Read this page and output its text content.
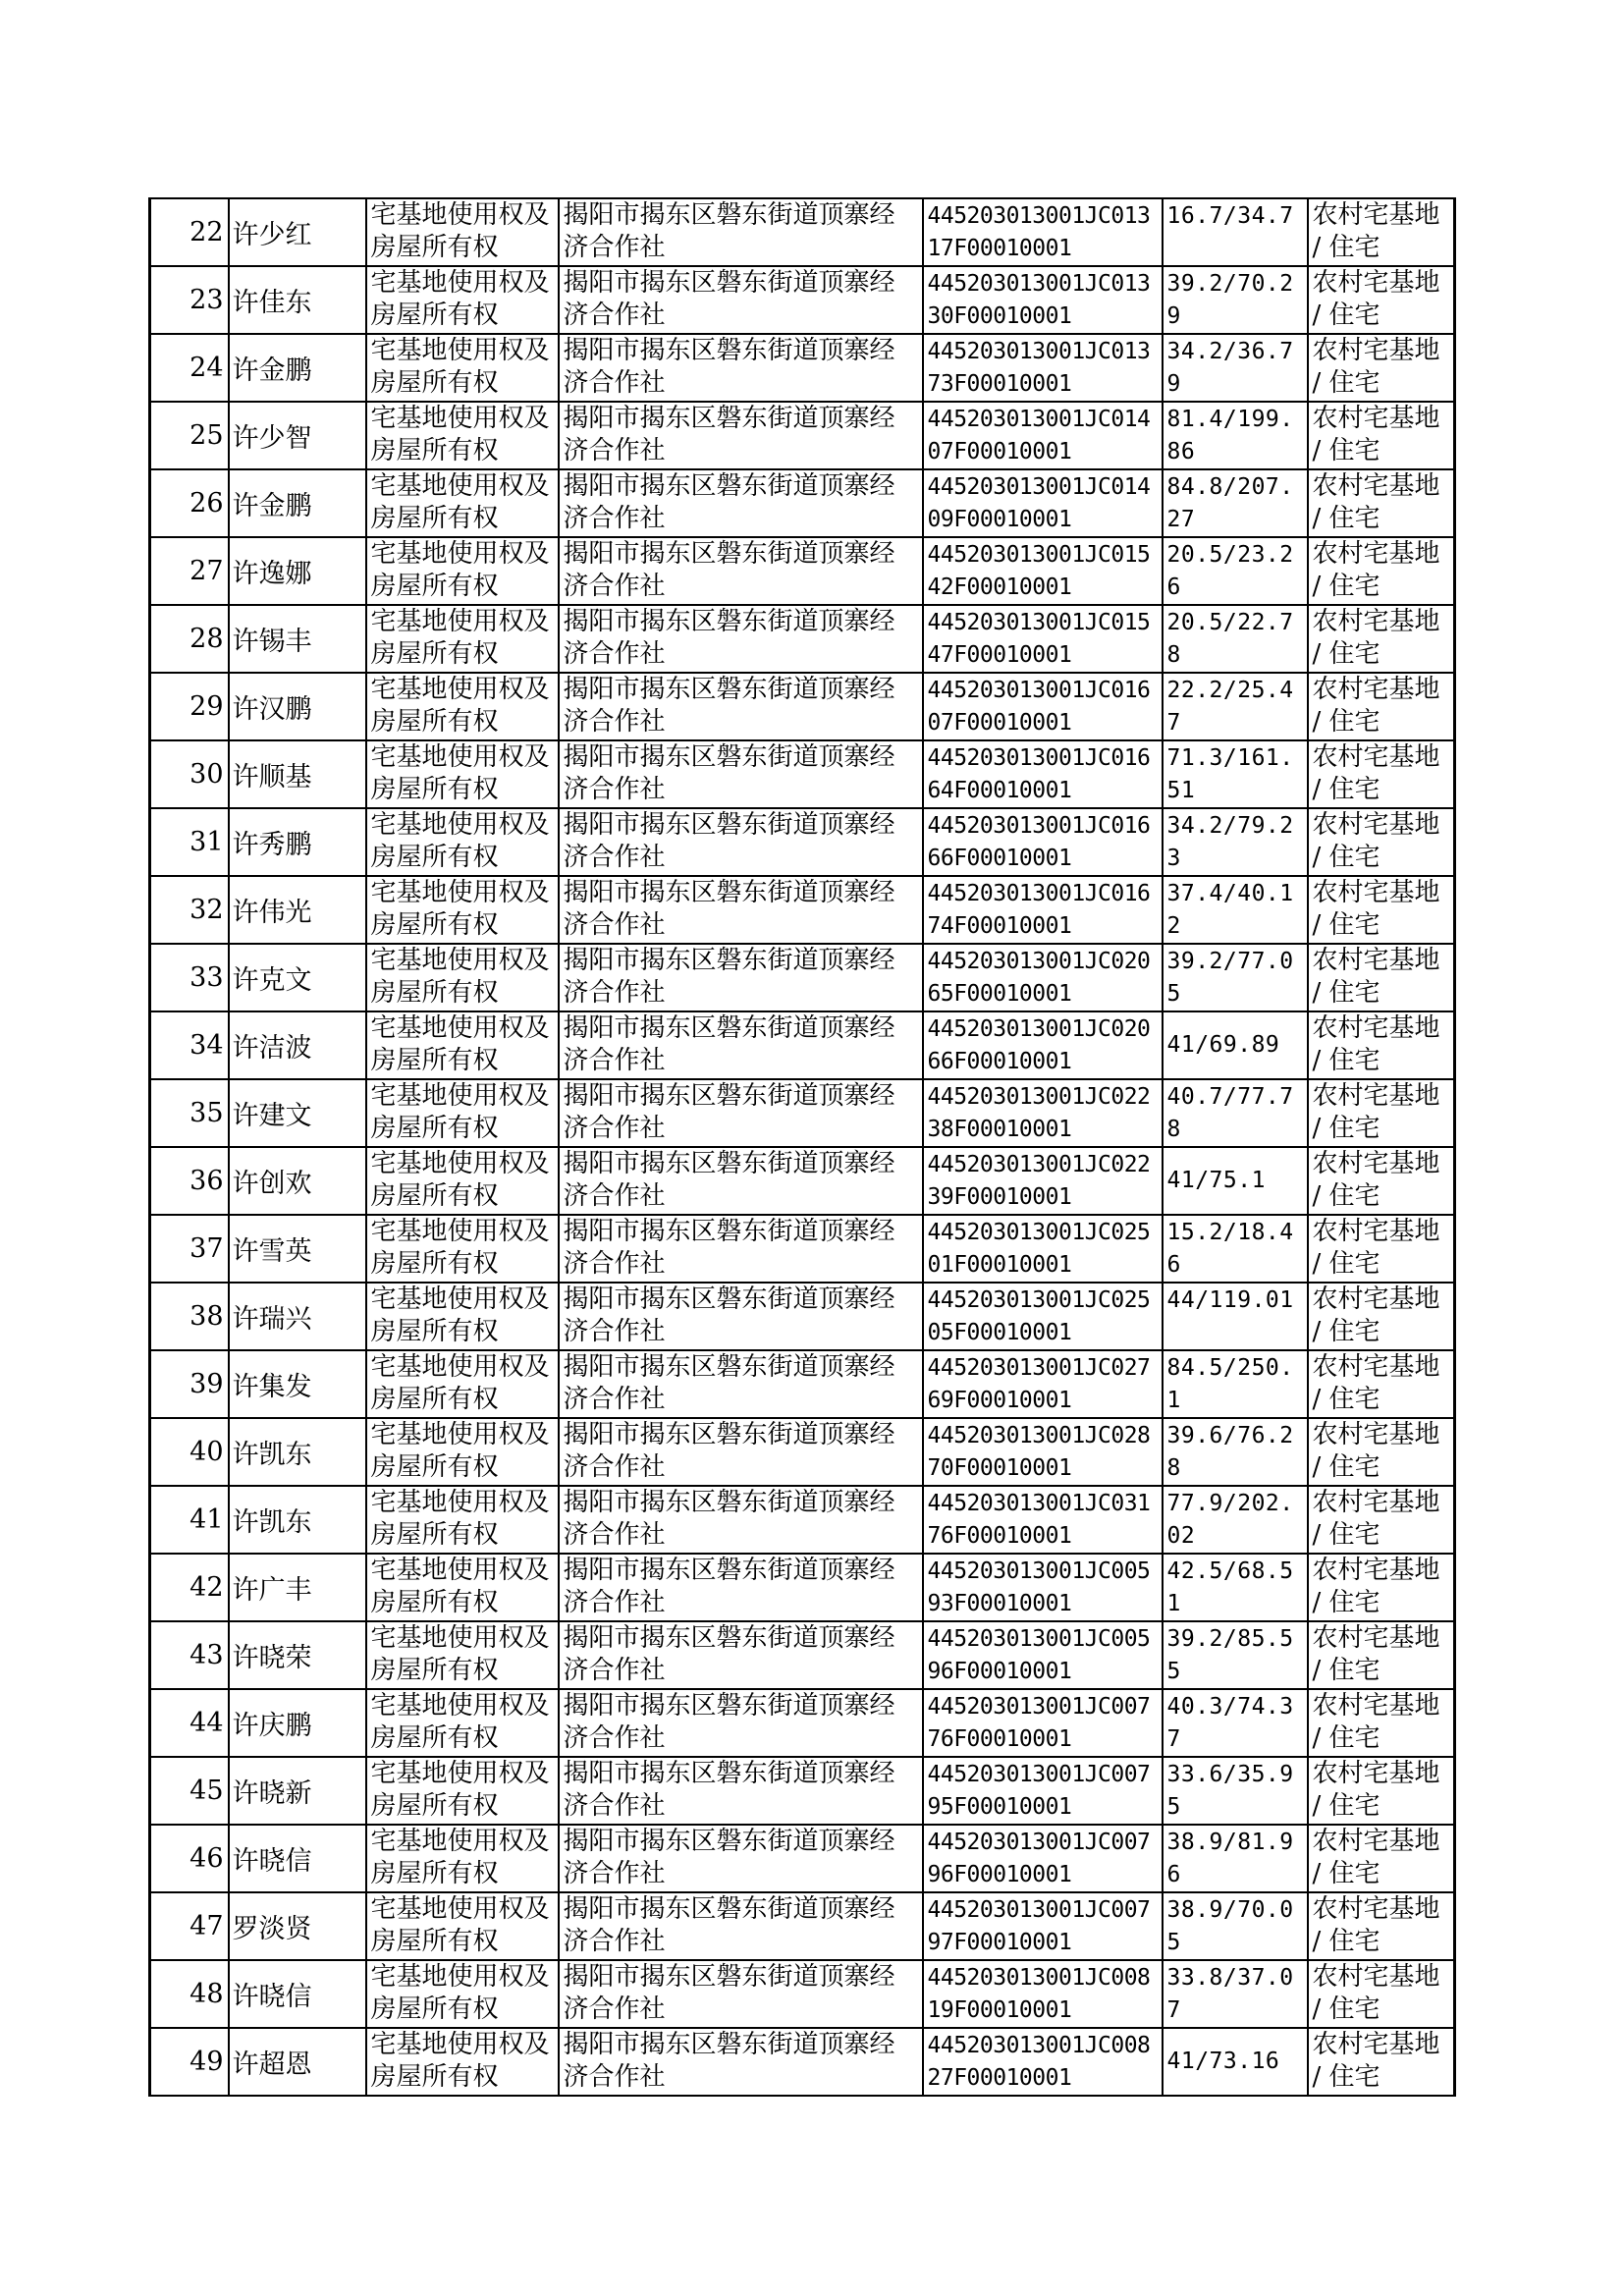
22	许少红	宅基地使用权及房屋所有权	揭阳市揭东区磐东街道顶寨经济合作社	445203013001JC01317F00010001	16.7/34.7	农村宅基地 / 住宅
23	许佳东	宅基地使用权及房屋所有权	揭阳市揭东区磐东街道顶寨经济合作社	445203013001JC01330F00010001	39.2/70.29	农村宅基地 / 住宅
24	许金鹏	宅基地使用权及房屋所有权	揭阳市揭东区磐东街道顶寨经济合作社	445203013001JC01373F00010001	34.2/36.79	农村宅基地 / 住宅
25	许少智	宅基地使用权及房屋所有权	揭阳市揭东区磐东街道顶寨经济合作社	445203013001JC01407F00010001	81.4/199.86	农村宅基地 / 住宅
26	许金鹏	宅基地使用权及房屋所有权	揭阳市揭东区磐东街道顶寨经济合作社	445203013001JC01409F00010001	84.8/207.27	农村宅基地 / 住宅
27	许逸娜	宅基地使用权及房屋所有权	揭阳市揭东区磐东街道顶寨经济合作社	445203013001JC01542F00010001	20.5/23.26	农村宅基地 / 住宅
28	许锡丰	宅基地使用权及房屋所有权	揭阳市揭东区磐东街道顶寨经济合作社	445203013001JC01547F00010001	20.5/22.78	农村宅基地 / 住宅
29	许汉鹏	宅基地使用权及房屋所有权	揭阳市揭东区磐东街道顶寨经济合作社	445203013001JC01607F00010001	22.2/25.47	农村宅基地 / 住宅
30	许顺基	宅基地使用权及房屋所有权	揭阳市揭东区磐东街道顶寨经济合作社	445203013001JC01664F00010001	71.3/161.51	农村宅基地 / 住宅
31	许秀鹏	宅基地使用权及房屋所有权	揭阳市揭东区磐东街道顶寨经济合作社	445203013001JC01666F00010001	34.2/79.23	农村宅基地 / 住宅
32	许伟光	宅基地使用权及房屋所有权	揭阳市揭东区磐东街道顶寨经济合作社	445203013001JC01674F00010001	37.4/40.12	农村宅基地 / 住宅
33	许克文	宅基地使用权及房屋所有权	揭阳市揭东区磐东街道顶寨经济合作社	445203013001JC02065F00010001	39.2/77.05	农村宅基地 / 住宅
34	许洁波	宅基地使用权及房屋所有权	揭阳市揭东区磐东街道顶寨经济合作社	445203013001JC02066F00010001	41/69.89	农村宅基地 / 住宅
35	许建文	宅基地使用权及房屋所有权	揭阳市揭东区磐东街道顶寨经济合作社	445203013001JC02238F00010001	40.7/77.78	农村宅基地 / 住宅
36	许创欢	宅基地使用权及房屋所有权	揭阳市揭东区磐东街道顶寨经济合作社	445203013001JC02239F00010001	41/75.1	农村宅基地 / 住宅
37	许雪英	宅基地使用权及房屋所有权	揭阳市揭东区磐东街道顶寨经济合作社	445203013001JC02501F00010001	15.2/18.46	农村宅基地 / 住宅
38	许瑞兴	宅基地使用权及房屋所有权	揭阳市揭东区磐东街道顶寨经济合作社	445203013001JC02505F00010001	44/119.01	农村宅基地 / 住宅
39	许集发	宅基地使用权及房屋所有权	揭阳市揭东区磐东街道顶寨经济合作社	445203013001JC02769F00010001	84.5/250.1	农村宅基地 / 住宅
40	许凯东	宅基地使用权及房屋所有权	揭阳市揭东区磐东街道顶寨经济合作社	445203013001JC02870F00010001	39.6/76.28	农村宅基地 / 住宅
41	许凯东	宅基地使用权及房屋所有权	揭阳市揭东区磐东街道顶寨经济合作社	445203013001JC03176F00010001	77.9/202.02	农村宅基地 / 住宅
42	许广丰	宅基地使用权及房屋所有权	揭阳市揭东区磐东街道顶寨经济合作社	445203013001JC00593F00010001	42.5/68.51	农村宅基地 / 住宅
43	许晓荣	宅基地使用权及房屋所有权	揭阳市揭东区磐东街道顶寨经济合作社	445203013001JC00596F00010001	39.2/85.55	农村宅基地 / 住宅
44	许庆鹏	宅基地使用权及房屋所有权	揭阳市揭东区磐东街道顶寨经济合作社	445203013001JC00776F00010001	40.3/74.37	农村宅基地 / 住宅
45	许晓新	宅基地使用权及房屋所有权	揭阳市揭东区磐东街道顶寨经济合作社	445203013001JC00795F00010001	33.6/35.95	农村宅基地 / 住宅
46	许晓信	宅基地使用权及房屋所有权	揭阳市揭东区磐东街道顶寨经济合作社	445203013001JC00796F00010001	38.9/81.96	农村宅基地 / 住宅
47	罗淡贤	宅基地使用权及房屋所有权	揭阳市揭东区磐东街道顶寨经济合作社	445203013001JC00797F00010001	38.9/70.05	农村宅基地 / 住宅
48	许晓信	宅基地使用权及房屋所有权	揭阳市揭东区磐东街道顶寨经济合作社	445203013001JC00819F00010001	33.8/37.07	农村宅基地 / 住宅
49	许超恩	宅基地使用权及房屋所有权	揭阳市揭东区磐东街道顶寨经济合作社	445203013001JC00827F00010001	41/73.16	农村宅基地 / 住宅
